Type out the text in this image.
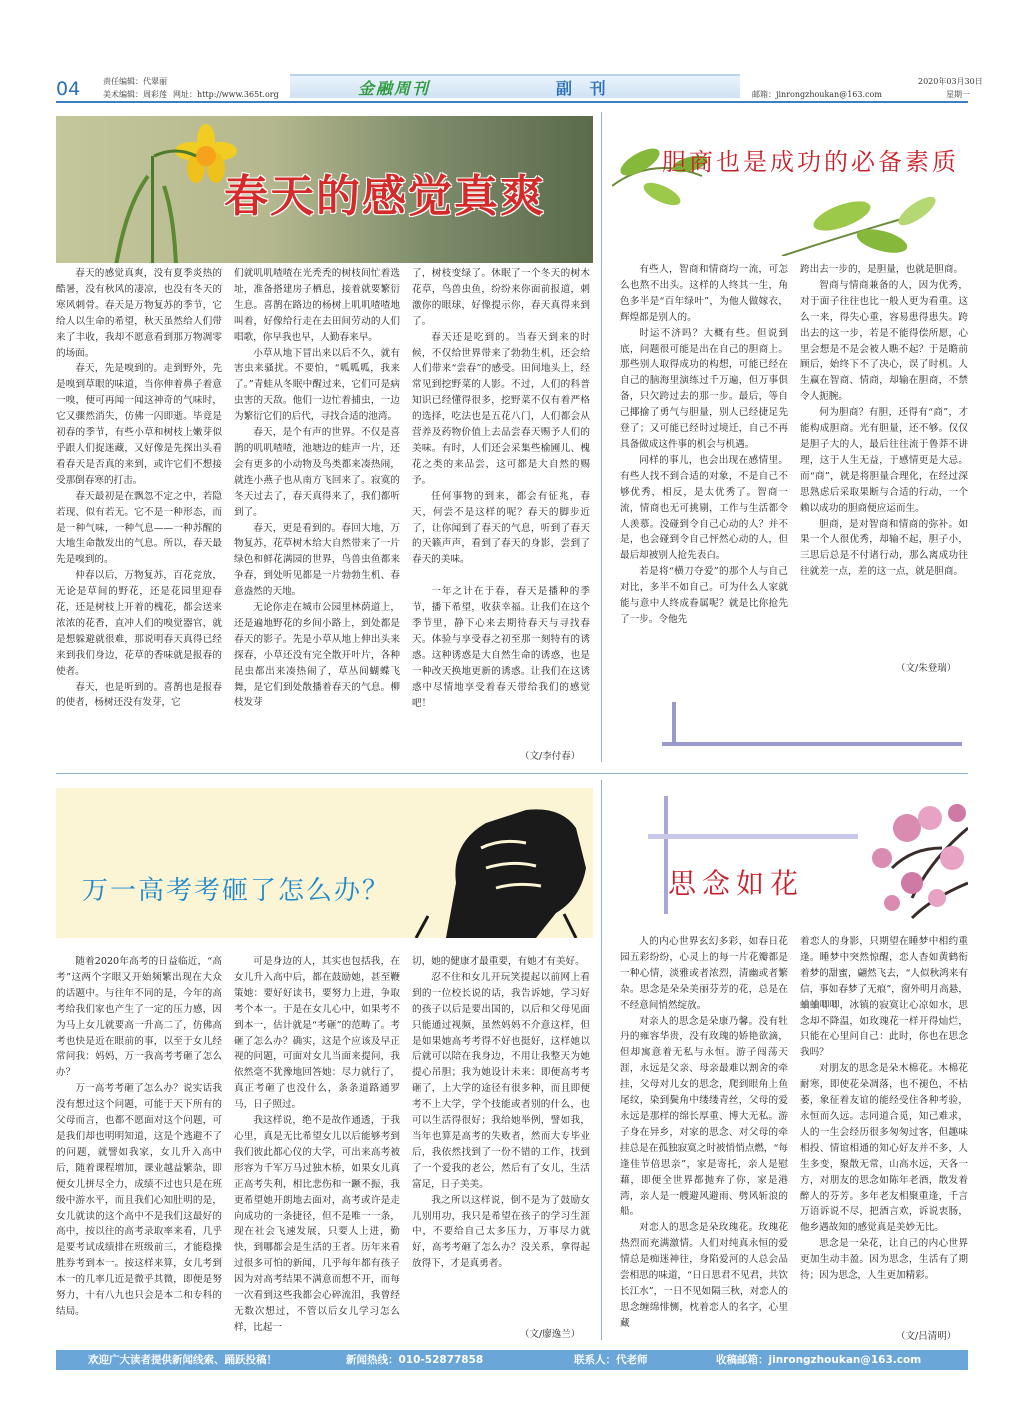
04	责任编辑：代翠丽
美术编辑：周彩莲 网址：http://www.365t.org	金融周刊	副 刊	邮箱：jinrongzhoukan@163.com
2020年03月30日
星期一
春天的感觉真爽

春天的感觉真爽，没有夏季炎热的酷暑，没有秋风的凄凉，也没有冬天的寒风刺骨。春天是万物复苏的季节，它给人以生命的希望，秋天虽然给人们带来了丰收，我却不愿意看到那万物凋零的场面。

春天，先是嗅到的。走到野外，先是嗅到草眼的味道，当你伸着鼻子着意一嗅，便可再闻一闻这神奇的气味时，它又骤然消失，仿佛一闪即逝。毕竟是初春的季节，有些小草和树枝上嫩芽似乎跟人们捉迷藏，又好像是先探出头看看春天是否真的来到，或许它们不想接受那倒春寒的打击。

春天最初是在飘忽不定之中，若隐若现、似有若无。它不是一种形态，而是一种气味，一种气息——一种苏醒的大地生命散发出的气息。所以，春天最先是嗅到的。

仲春以后，万物复苏，百花竞放，无论是草间的野花，还是花园里迎春花，还是树枝上开着的槐花，都会送来浓浓的花香，直冲人们的嗅觉器官，就是想躲避就很难，那说明春天真得已经来到我们身边，花草的香味就是报春的使者。

春天，也是听到的。喜鹊也是报春的使者，杨树还没有发芽，它

们就叽叽喳喳在光秃秃的树枝间忙着选址，准备搭建房子栖息，接着就要繁衍生息。喜鹊在路边的杨树上叽叽喳喳地叫着，好像给行走在去田间劳动的人们唱歌，你早我也早，人勤春来早。

小草从地下冒出来以后不久，就有害虫来骚扰。不要怕，“呱呱呱，我来了。”青蛙从冬眠中醒过来，它们可是病虫害的天敌。他们一边忙着捕虫，一边为繁衍它们的后代，寻找合适的池湾。

春天，是个有声的世界。不仅是喜鹊的叽叽喳喳，池塘边的蛙声一片，还会有更多的小动物及鸟类都来凑热闹，就连小燕子也从南方飞回来了。寂寞的冬天过去了，春天真得来了，我们都听到了。

春天，更是看到的。春回大地，万物复苏，花草树木给大自然带来了一片绿色和鲜花满园的世界，鸟兽虫鱼都来争春，到处听见都是一片勃勃生机、春意盎然的天地。

无论你走在城市公园里林荫道上，还是遍地野花的乡间小路上，到处都是春天的影子。先是小草从地上伸出头来探春，小草还没有完全散开叶片，各种昆虫都出来凑热闹了，草丛间蝴蝶飞舞，是它们到处散播着春天的气息。柳枝发芽

了，树枝变绿了。休眠了一个冬天的树木花草，鸟兽虫鱼，纷纷来你面前报道，刺激你的眼球，好像提示你，春天真得来到了。

春天还是吃到的。当春天到来的时候，不仅给世界带来了勃勃生机，还会给人们带来“尝春”的感受。田间地头上，经常见到挖野菜的人影。不过，人们的科普知识已经懂得很多，挖野菜不仅有着严格的选择，吃法也是五花八门，人们都会从营养及药物价值上去品尝春天赐予人们的美味。有时，人们还会采集些榆圃儿、槐花之类的来品尝，这可都是大自然的赐予。

任何事物的到来，都会有征兆，春天，何尝不是这样的呢？春天的脚步近了，让你闻到了春天的气息，听到了春天的天籁声声，看到了春天的身影，尝到了春天的美味。

一年之计在于春，春天是播种的季节，播下希望，收获幸福。让我们在这个季节里，静下心来去期待春天与寻找春天。体验与享受春之初至那一刻特有的诱惑。这种诱惑是大自然生命的诱惑，也是一种改天换地更新的诱惑。让我们在这诱惑中尽情地享受着春天带给我们的感觉吧！

（文/李付春）
胆商也是成功的必备素质

有些人，智商和情商均一流，可怎么也熬不出头。这样的人终其一生，角色多半是“百年绿叶”，为他人做嫁衣，辉煌都是别人的。

时运不济吗？大概有些。但说到底，问题很可能是出在自己的胆商上。那些别人取得成功的构想，可能已经在自己的脑海里演练过千万遍，但万事俱备，只欠跨过去的那一步。最后，等自己揶揄了勇气与胆量，别人已经捷足先登了；又可能已经时过境迁，自己不再具备做成这件事的机会与机遇。

同样的事儿，也会出现在感情里。有些人找不到合适的对象，不是自己不够优秀，相反，是太优秀了。智商一流，情商也无可挑剔，工作与生活都令人羡慕。没碰到令自己心动的人？并不是，也会碰到令自己怦然心动的人，但最后却被别人抢先表白。

若是将“横刀夺爱”的那个人与自己对比，多半不如自己。可为什么人家就能与意中人终成眷属呢？就是比你抢先了一步。令他先

跨出去一步的，是胆量，也就是胆商。

智商与情商兼备的人，因为优秀，对于面子往往也比一般人更为看重。这么一来，得失心重，容易患得患失。跨出去的这一步，若是不能得偿所愿，心里会想是不是会被人瞧不起？于是瞻前顾后，始终下不了决心，误了时机。人生赢在智商、情商，却输在胆商，不禁令人扼腕。

何为胆商？有胆，还得有“商”，才能构成胆商。光有胆量，还不够。仅仅是胆子大的人，最后往往流于鲁莽不讲理，这于人生无益，于感情更是大忌。而“商”，就是将胆量合理化，在经过深思熟虑后采取果断与合适的行动，一个赖以成功的胆商便应运而生。

胆商，是对智商和情商的弥补。如果一个人很优秀，却输不起，胆子小，三思后总是不付诸行动，那么离成功往往就差一点，差的这一点，就是胆商。

（文/朱登瑞）
万一高考考砸了怎么办？

随着2020年高考的日益临近，“高考”这两个字眼又开始频繁出现在大众的话题中。与往年不同的是，今年的高考给我们家也产生了一定的压力感，因为马上女儿就要高一升高二了，仿佛高考也快是近在眼前的事，以至于女儿经常问我：妈妈，万一我高考考砸了怎么办？

万一高考考砸了怎么办？说实话我没有想过这个问题，可能于天下所有的父母而言，也都不愿面对这个问题，可是我们却也明明知道，这是个逃避不了的问题，就譬如我家，女儿升入高中后，随着课程增加，课业越益繁杂，即便女儿拼尽全力，成绩不过也只是在班级中游水平，而且我们心知肚明的是，女儿就读的这个高中不是我们这最好的高中，按以往的高考录取率来看，几乎是要考试成绩排在班级前三，才能稳操胜券考到本一。按这样来算，女儿考到本一的几率几近是微乎其微，即便是努努力，十有八九也只会是本二和专科的结局。

可是身边的人，其实也包括我，在女儿升入高中后，都在鼓励她，甚至鞭策她：要好好读书，要努力上进，争取考个本一。于是在女儿心中，如果考不到本一，估计就是“考砸”的范畴了。考砸了怎么办？确实，这是个应该及早正视的问题，可面对女儿当面来提问，我依然毫不犹豫地回答她：尽力就行了，真正考砸了也没什么，条条道路通罗马，日子照过。

我这样说，绝不是故作通透，于我心里，真是无比希望女儿以后能够考到我们彼此都心仪的大学，可出来高考被形容为千军万马过独木桥，如果女儿真正高考失利，相比悲伤和一蹶不振，我更希望她开朗地去面对，高考或许是走向成功的一条捷径，但不是唯一一条，现在社会飞速发展，只要人上进，勤快，到哪都会是生活的王者。历年来看过很多可怕的新闻，几乎每年都有孩子因为对高考结果不满意而想不开，而每一次看到这些我都会心碎流泪，我曾经无数次想过，不管以后女儿学习怎么样，比起一

切，她的健康才最重要，有她才有美好。

忍不住和女儿开玩笑提起以前网上看到的一位校长说的话，我告诉她，学习好的孩子以后是要出国的，以后和父母见面只能通过视频，虽然妈妈不介意这样，但是如果她高考考得不好也挺好，这样她以后就可以陪在我身边，不用让我整天为她提心吊胆；我为她设计未来：即便高考考砸了，上大学的途径有很多种，而且即便考不上大学，学个技能或者别的什么，也可以生活得很好；我给她举例，譬如我，当年也算是高考的失败者，然而大专毕业后，我依然找到了一份不错的工作，找到了一个爱我的老公，然后有了女儿，生活富足，日子美美。

我之所以这样说，倒不是为了鼓励女儿别用功，我只是希望在孩子的学习生涯中，不要给自己太多压力，万事尽力就好，高考考砸了怎么办？没关系，拿得起放得下，才是真勇者。

（文/廖逸兰）
思念如花

人的内心世界玄幻多彩，如春日花园五彩纷纷，心灵上的每一片花瓣都是一种心情，淡雅或者浓烈，清幽或者繁杂。思念是朵朵美丽芬芳的花，总是在不经意间悄然绽放。

对亲人的思念是朵康乃馨。没有牡丹的雍容华贵，没有玫瑰的娇艳欲滴，但却寓意着无私与永恒。游子闯荡天涯，永远是父亲、母亲最难以割舍的牵挂，父母对儿女的思念，爬到眼角上鱼尾纹，染到鬓角中缕缕青丝，父母的爱永远是那样的绵长厚重、博大无私。游子身在异乡，对家的思念、对父母的牵挂总是在孤独寂寞之时被悄悄点燃，“每逢佳节倍思亲”，家是寄托，亲人是慰藉，即便全世界都抛弃了你，家是港湾，亲人是一艘避风避雨、劈风斩浪的船。

对恋人的思念是朵玫瑰花。玫瑰花热烈而充满激情。人们对纯真永恒的爱情总是痴迷神往，身陷爱河的人总会品尝相思的味道，“日日思君不见君，共饮长江水”，一日不见如隔三秋，对恋人的思念缠绵悱恻，枕着恋人的名字，心里藏

着恋人的身影，只期望在睡梦中相约重逢。睡梦中突然惊醒，恋人杳如黄鹤衔着梦的甜蜜，翩然飞去，“人似秋鸿来有信，事如春梦了无痕”，窗外明月高悬，蛐蛐唧唧，冰镇的寂寞让心凉如水，思念却不降温，如玫瑰花一样开得灿烂，只能在心里问自己：此时，你也在思念我吗？

对朋友的思念是朵木棉花。木棉花耐寒，即使花朵凋落，也不褪色，不枯萎，象征着友谊的能经受住各种考验，永恒而久远。志同道合觅，知己难求，人的一生会经历很多匆匆过客，但趣味相投、情谊相通的知心好友并不多，人生多变，聚散无常，山高水远，天各一方，对朋友的思念如陈年老酒，散发着醉人的芬芳。多年老友相聚重逢，千言万语诉说不尽，把酒言欢，诉说衷肠，他乡遇故知的感觉真是美妙无比。

思念是一朵花，让自己的内心世界更加生动丰盈。因为思念，生活有了期待；因为思念，人生更加精彩。

（文/吕清明）
欢迎广大读者提供新闻线索、踊跃投稿！	新闻热线：010-52877858	联系人：代老师	收稿邮箱：jinrongzhoukan@163.com
